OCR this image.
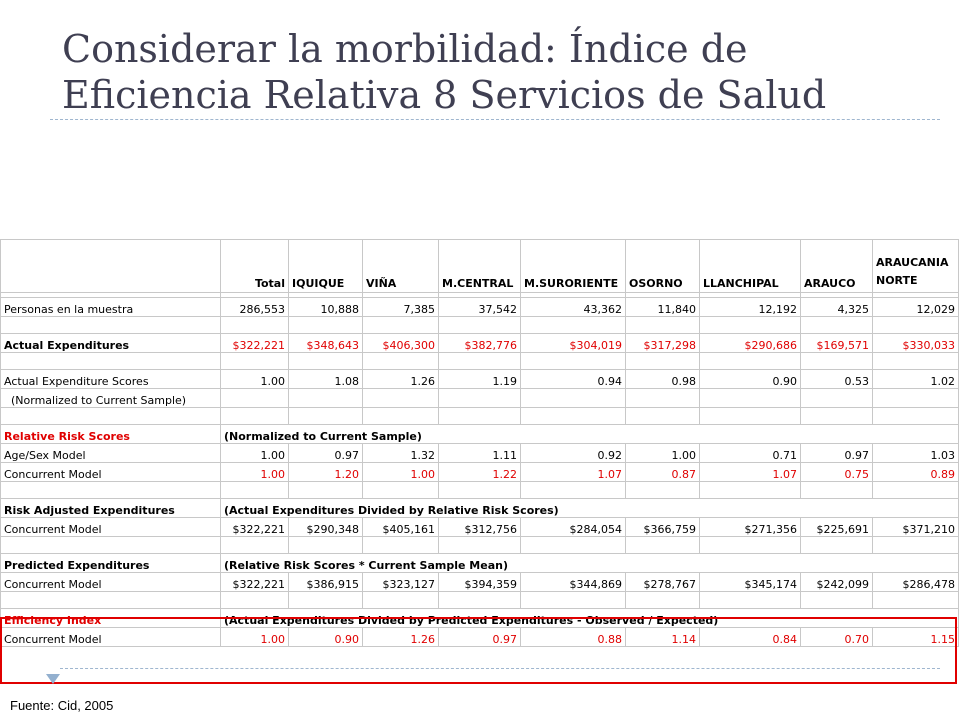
Considerar la morbilidad: Índice de Eficiencia Relativa 8 Servicios de Salud
	Total	IQUIQUE	VIÑA	M.CENTRAL	M.SURORIENTE	OSORNO	LLANCHIPAL	ARAUCO	ARAUCANIA NORTE

Personas en la muestra	286,553	10,888	7,385	37,542	43,362	11,840	12,192	4,325	12,029

Actual Expenditures	$322,221	$348,643	$406,300	$382,776	$304,019	$317,298	$290,686	$169,571	$330,033

Actual Expenditure Scores	1.00	1.08	1.26	1.19	0.94	0.98	0.90	0.53	1.02
(Normalized to Current Sample)									

Relative Risk Scores	(Normalized to Current Sample)								
Age/Sex Model	1.00	0.97	1.32	1.11	0.92	1.00	0.71	0.97	1.03
Concurrent Model	1.00	1.20	1.00	1.22	1.07	0.87	1.07	0.75	0.89

Risk Adjusted Expenditures	(Actual Expenditures Divided by Relative Risk Scores)								
Concurrent Model	$322,221	$290,348	$405,161	$312,756	$284,054	$366,759	$271,356	$225,691	$371,210

Predicted Expenditures	(Relative Risk Scores * Current Sample Mean)								
Concurrent Model	$322,221	$386,915	$323,127	$394,359	$344,869	$278,767	$345,174	$242,099	$286,478

Efficiency Index	(Actual Expenditures Divided by Predicted Expenditures - Observed / Expected)								
Concurrent Model	1.00	0.90	1.26	0.97	0.88	1.14	0.84	0.70	1.15
Fuente: Cid, 2005
